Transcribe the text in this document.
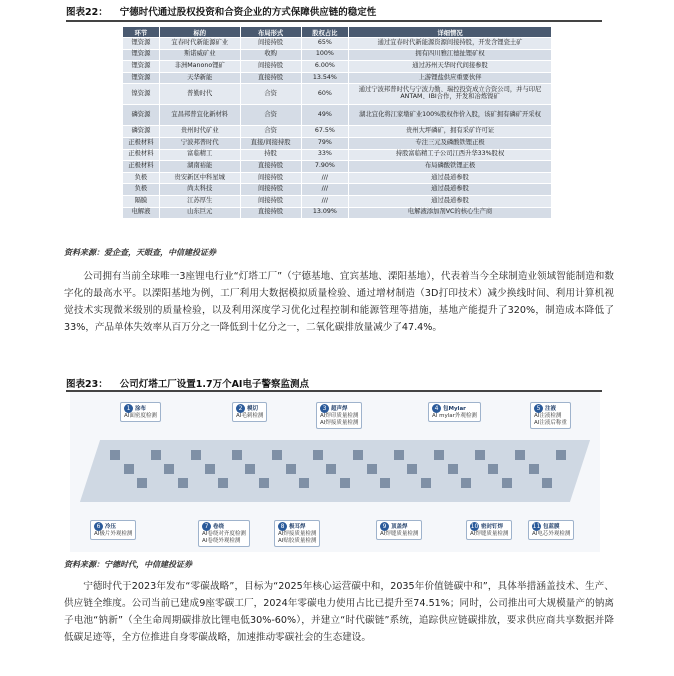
图表22： 宁德时代通过股权投资和合资企业的方式保障供应链的稳定性
环节	标的	布局形式	股权占比	详细情况
锂资源	宜春时代新能源矿业	间接持股	65%	通过宜春时代新能源资源间接持股，开发含锂瓷土矿
锂资源	斯诺威矿业	收购	100%	拥有四川雅江德扯锂矿权
锂资源	非洲Manono锂矿	间接持股	6.00%	通过苏州天华时代间接参股
锂资源	天华新能	直接持股	13.54%	上游锂盐供应重要伙伴
镍资源	普勤时代	合资	60%	通过宁波邦普时代与宁波力勤、瑞控投资成立合资公司，并与印尼ANTAM、IBI合作，开发和冶炼镍矿
磷资源	宜昌邦普宜化新材料	合资	49%	湖北宜化将江家墩矿业100%股权作价入股，该矿拥有磷矿开采权
磷资源	贵州时代矿业	合资	67.5%	贵州大坪磷矿，拥有采矿许可证
正极材料	宁波邦普时代	直接/间接持股	79%	专注三元及磷酸铁锂正极
正极材料	富临精工	持股	33%	持股富临精工子公司江西升华33%股权
正极材料	湖南裕能	直接持股	7.90%	布局磷酸铁锂正极
负极	贵安新区中科星城	间接持股	///	通过晨道参股
负极	尚太科技	间接持股	///	通过晨道参股
隔膜	江苏厚生	间接持股	///	通过晨道参股
电解液	山东巨元	直接持股	13.09%	电解液添加剂VC的核心生产商
资料来源：爱企查，天眼查，中信建投证券

公司拥有当前全球唯一3座锂电行业“灯塔工厂”（宁德基地、宜宾基地、溧阳基地），代表着当今全球制造业领域智能制造和数字化的最高水平。以溧阳基地为例，工厂利用大数据模拟质量检验、通过增材制造（3D打印技术）减少换线时间、利用计算机视觉技术实现微米级别的质量检验，以及利用深度学习优化过程控制和能源管理等措施，基地产能提升了320%，制造成本降低了33%，产品单体失效率从百万分之一降低到十亿分之一，二氧化碳排放量减少了47.4%。

图表23： 公司灯塔工厂设置1.7万个AI电子警察监测点
1 涂布
AI面密度检测
2 模切
AI毛刺检测
3 超声焊
AI焊印质量检测
AI焊接质量检测
4 包Mylar
AI mylar外观检测
5 注液
AI注液检测
AI注液后称重
6 冷压
AI极片外观检测
7 卷绕
AI卷绕对齐度检测
AI卷绕外观检测
8 极耳焊
AI焊接质量检测
AI贴胶质量检测
9 顶盖焊
AI焊缝质量检测
10 密封钉焊
AI焊缝质量检测
11 包蓝膜
AI电芯外观检测
资料来源：宁德时代，中信建投证券

宁德时代于2023年发布“零碳战略”，目标为“2025年核心运营碳中和，2035年价值链碳中和”，具体举措涵盖技术、生产、供应链全维度。公司当前已建成9座零碳工厂，2024年零碳电力使用占比已提升至74.51%；同时，公司推出可大规模量产的钠离子电池“钠新”（全生命周期碳排放比锂电低30%-60%），并建立“时代碳链”系统，追踪供应链碳排放，要求供应商共享数据并降低碳足迹等，全方位推进自身零碳战略，加速推动零碳社会的生态建设。
